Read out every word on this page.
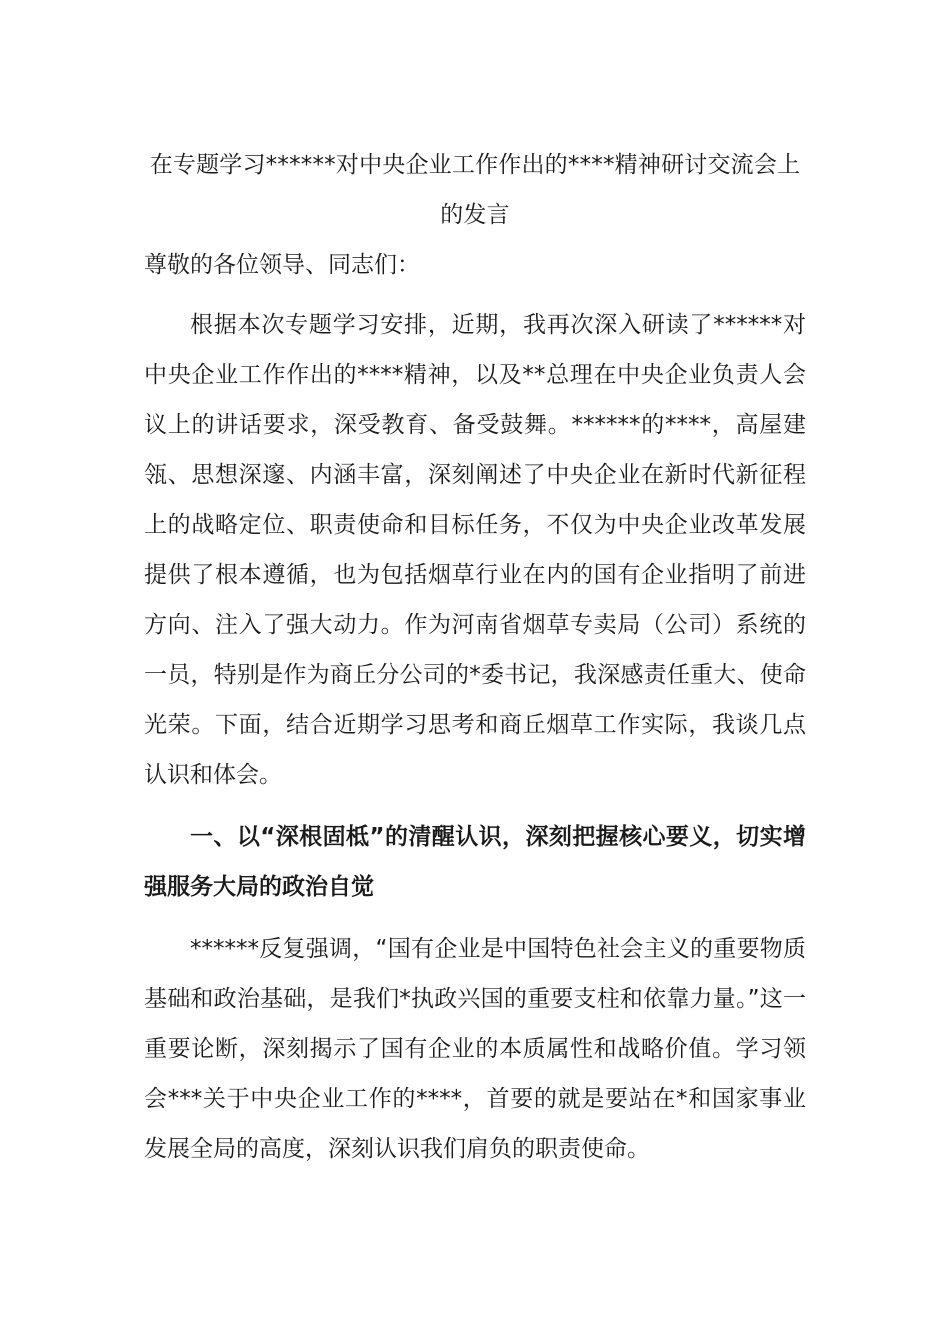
在专题学习******对中央企业工作作出的****精神研讨交流会上
的发言

尊敬的各位领导、同志们：

根据本次专题学习安排，近期，我再次深入研读了******对中央企业工作作出的****精神，以及**总理在中央企业负责人会议上的讲话要求，深受教育、备受鼓舞。******的****，高屋建瓴、思想深邃、内涵丰富，深刻阐述了中央企业在新时代新征程上的战略定位、职责使命和目标任务，不仅为中央企业改革发展提供了根本遵循，也为包括烟草行业在内的国有企业指明了前进方向、注入了强大动力。作为河南省烟草专卖局（公司）系统的一员，特别是作为商丘分公司的*委书记，我深感责任重大、使命光荣。下面，结合近期学习思考和商丘烟草工作实际，我谈几点认识和体会。

一、以“深根固柢”的清醒认识，深刻把握核心要义，切实增强服务大局的政治自觉

******反复强调，“国有企业是中国特色社会主义的重要物质基础和政治基础，是我们*执政兴国的重要支柱和依靠力量。”这一重要论断，深刻揭示了国有企业的本质属性和战略价值。学习领会***关于中央企业工作的****，首要的就是要站在*和国家事业发展全局的高度，深刻认识我们肩负的职责使命。
